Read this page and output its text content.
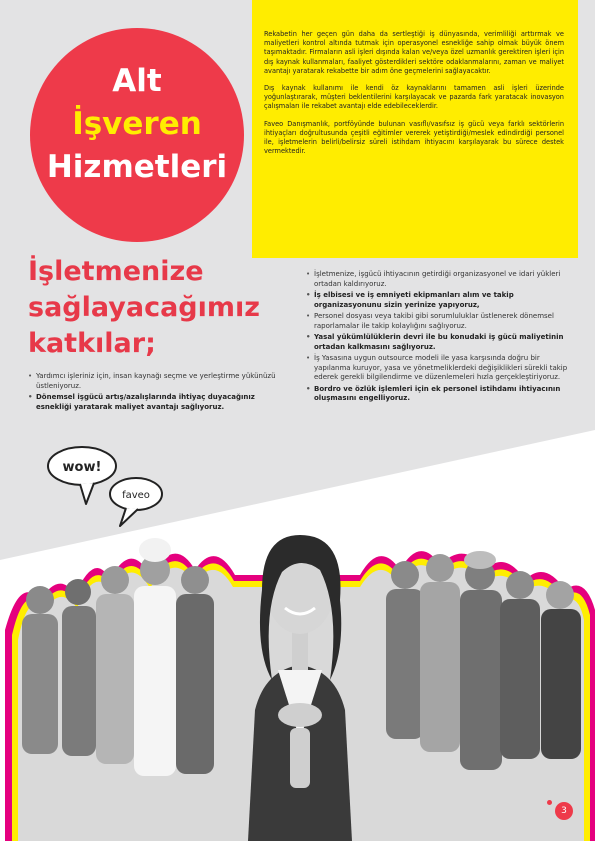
Alt
İşveren
Hizmetleri

Rekabetin her geçen gün daha da sertleştiği iş dünyasında, verimliliği arttırmak ve maliyetleri kontrol altında tutmak için operasyonel esnekliğe sahip olmak büyük önem taşımaktadır. Firmaların asli işleri dışında kalan ve/veya özel uzmanlık gerektiren işleri için dış kaynak kullanmaları, faaliyet gösterdikleri sektöre odaklanmalarını, zaman ve maliyet avantajı yaratarak rekabette bir adım öne geçmelerini sağlayacaktır.

Dış kaynak kullanımı ile kendi öz kaynaklarını tamamen asli işleri üzerinde yoğunlaştırarak, müşteri beklentilerini karşılayacak ve pazarda fark yaratacak inovasyon çalışmaları ile rekabet avantajı elde edebileceklerdir.

Faveo Danışmanlık, portföyünde bulunan vasıflı/vasıfsız iş gücü veya farklı sektörlerin ihtiyaçları doğrultusunda çeşitli eğitimler vererek yetiştirdiği/meslek edindirdiği personel ile, işletmelerin belirli/belirsiz süreli istihdam ihtiyacını karşılayarak bu sürece destek vermektedir.

İşletmenize
sağlayacağımız
katkılar;
• Yardımcı işleriniz için, insan kaynağı seçme ve yerleştirme yükünüzü üstleniyoruz.
• Dönemsel işgücü artış/azalışlarında ihtiyaç duyacağınız esnekliği yaratarak maliyet avantajı sağlıyoruz.
• İşletmenize, işgücü ihtiyacının getirdiği organizasyonel ve idari yükleri ortadan kaldırıyoruz.
• İş elbisesi ve iş emniyeti ekipmanları alım ve takip organizasyonunu sizin yerinize yapıyoruz,
• Personel dosyası veya takibi gibi sorumluluklar üstlenerek dönemsel raporlamalar ile takip kolaylığını sağlıyoruz.
• Yasal yükümlülüklerin devri ile bu konudaki iş gücü maliyetinin ortadan kalkmasını sağlıyoruz.
• İş Yasasına uygun outsource modeli ile yasa karşısında doğru bir yapılanma kuruyor, yasa ve yönetmeliklerdeki değişiklikleri sürekli takip ederek gerekli bilgilendirme ve düzenlemeleri hızla gerçekleştiriyoruz.
• Bordro ve özlük işlemleri için ek personel istihdamı ihtiyacının oluşmasını engelliyoruz.
wow!
faveo
3
